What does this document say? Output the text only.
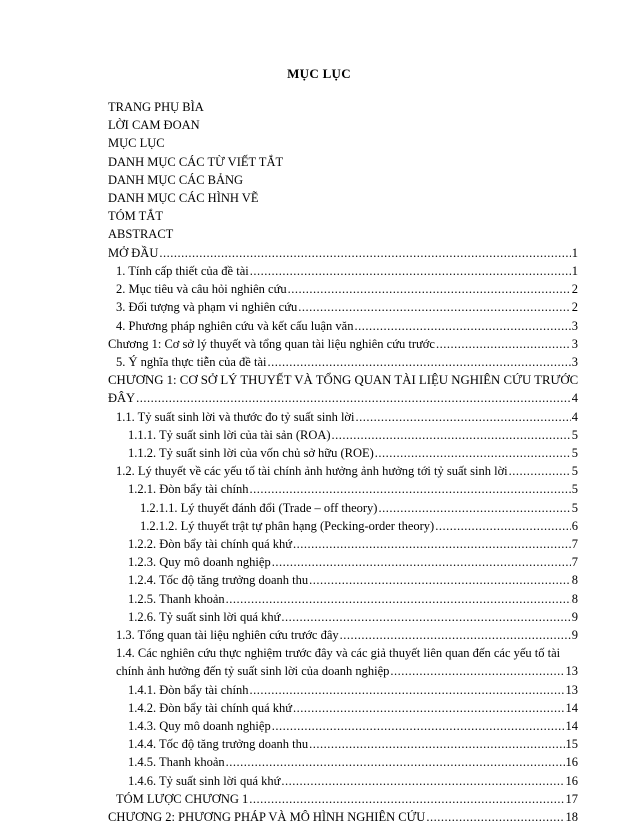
MỤC LỤC
TRANG PHỤ BÌA
LỜI CAM ĐOAN
MỤC LỤC
DANH MỤC CÁC TỪ VIẾT TẮT
DANH MỤC CÁC BẢNG
DANH MỤC CÁC HÌNH VẼ
TÓM TẮT
ABSTRACT
MỞ ĐẦU .....	1
1. Tính cấp thiết của đề tài .....	1
2. Mục tiêu và câu hỏi nghiên cứu .....	2
3. Đối tượng và phạm vi nghiên cứu .....	2
4. Phương pháp nghiên cứu và kết cấu luận văn .....	3
Chương 1: Cơ sở lý thuyết và tổng quan tài liệu nghiên cứu trước .....	3
5. Ý nghĩa thực tiễn của đề tài .....	3
CHƯƠNG 1: CƠ SỞ LÝ THUYẾT VÀ TỔNG QUAN TÀI LIỆU NGHIÊN CỨU TRƯỚC
ĐÂY .....	4
1.1. Tỷ suất sinh lời và thước đo tỷ suất sinh lời .....	4
1.1.1. Tỷ suất sinh lời của tài sản (ROA) .....	5
1.1.2. Tỷ suất sinh lời của vốn chủ sở hữu (ROE) .....	5
1.2. Lý thuyết về các yếu tố tài chính ảnh hưởng ảnh hưởng tới tỷ suất sinh lời .....	5
1.2.1. Đòn bẩy tài chính .....	5
1.2.1.1. Lý thuyết đánh đổi (Trade – off theory) .....	5
1.2.1.2. Lý thuyết trật tự phân hạng (Pecking-order theory) .....	6
1.2.2. Đòn bẩy tài chính quá khứ .....	7
1.2.3. Quy mô doanh nghiệp .....	7
1.2.4. Tốc độ tăng trưởng doanh thu .....	8
1.2.5. Thanh khoản .....	8
1.2.6. Tỷ suất sinh lời quá khứ .....	9
1.3. Tổng quan tài liệu nghiên cứu trước đây .....	9
1.4. Các nghiên cứu thực nghiệm trước đây và các giả thuyết liên quan đến các yếu tố tài
chính ảnh hưởng đến tỷ suất sinh lời của doanh nghiệp .....	13
1.4.1. Đòn bẩy tài chính .....	13
1.4.2. Đòn bẩy tài chính quá khứ .....	14
1.4.3. Quy mô doanh nghiệp .....	14
1.4.4. Tốc độ tăng trưởng doanh thu .....	15
1.4.5. Thanh khoản .....	16
1.4.6. Tỷ suất sinh lời quá khứ .....	16
TÓM LƯỢC CHƯƠNG 1 .....	17
CHƯƠNG 2: PHƯƠNG PHÁP VÀ MÔ HÌNH NGHIÊN CỨU .....	18
